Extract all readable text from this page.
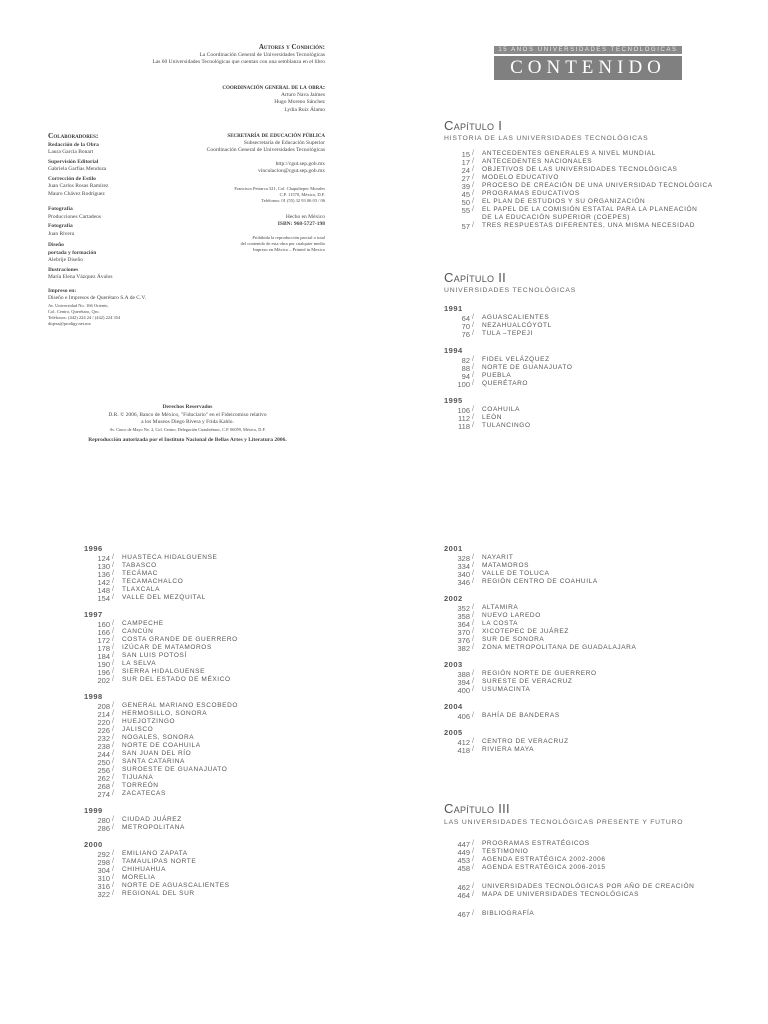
Autores y Condición:
La Coordinación General de Universidades Tecnológicas
Las 60 Universidades Tecnológicas que cuentan con una semblanza en el libro
coordinación general de la obra:
Arturo Nava Jaimes
Hugo Moreno Sánchez
Lydia Ruiz Álamo
Colaboradores:
Redacción de la Obra
Laura García Bonart
Supervisión Editorial
Gabriela Garfias Mendoza
Corrección de Estilo
Juan Carlos Rosas Ramírez
Mauro Chávez Rodríguez
Fotografía
Producciones Cartadeos
Fotografía
Juan Rivera
Diseño
portada y formación
Alebrije Diseño
Ilustraciones
María Elena Vázquez Ávalos
Impreso en:
Diseño e Impresos de Querétaro S.A de C.V.
Av. Universidad No. 166 Oriente,
Col. Centro, Querétaro, Qro.
Teléfonos: (442) 224 24 / (442) 224 354
diqesa@prodigy.net.mx
secretaría de educación pública
Subsecretaría de Educación Superior
Coordinación General de Universidades Tecnológicas
http://cgut.sep.gob.mx
vinculacion@cgut.sep.gob.mx
Francisco Petrarca 321, Col. Chapultepec Morales
C.P. 11570, México, D.F.
Teléfonos: 01 (55) 32 93 06 03 / 06
Hecho en México
ISBN: 968-5727-198
Prohibida la reproducción parcial o total
del contenido de esta obra por cualquier medio
Impreso en México – Printed in Mexico
Derechos Reservados
D.R. © 2006, Banco de México, "Fiduciario" en el Fideicomiso relativo
a los Museos Diego Rivera y Frida Kahlo.
Av. Cinco de Mayo No. 2, Col. Centro, Delegación Cuauhtémoc, C.P. 06059, México, D.F.
Reproducción autorizada por el Instituto Nacional de Bellas Artes y Literatura 2006.
15 AÑOS UNIVERSIDADES TECNOLÓGICAS
CONTENIDO
Capítulo I
HISTORIA DE LAS UNIVERSIDADES TECNOLÓGICAS
15 / ANTECEDENTES GENERALES A NIVEL MUNDIAL
17 / ANTECEDENTES NACIONALES
24 / OBJETIVOS DE LAS UNIVERSIDADES TECNOLÓGICAS
27 / MODELO EDUCATIVO
39 / PROCESO DE CREACIÓN DE UNA UNIVERSIDAD TECNOLÓGICA
45 / PROGRAMAS EDUCATIVOS
50 / EL PLAN DE ESTUDIOS Y SU ORGANIZACIÓN
55 / EL PAPEL DE LA COMISIÓN ESTATAL PARA LA PLANEACIÓN
DE LA EDUCACIÓN SUPERIOR (COEPES)
57 / TRES RESPUESTAS DIFERENTES, UNA MISMA NECESIDAD
Capítulo II
UNIVERSIDADES TECNOLÓGICAS
1991
64 / AGUASCALIENTES
70 / NEZAHUALCÓYOTL
76 / TULA –TEPEJI
1994
82 / FIDEL VELÁZQUEZ
88 / NORTE DE GUANAJUATO
94 / PUEBLA
100 / QUERÉTARO
1995
106 / COAHUILA
112 / LEÓN
118 / TULANCINGO
1996
124 / HUASTECA HIDALGUENSE
130 / TABASCO
136 / TECÁMAC
142 / TECAMACHALCO
148 / TLAXCALA
154 / VALLE DEL MEZQUITAL
1997
160 / CAMPECHE
166 / CANCÚN
172 / COSTA GRANDE DE GUERRERO
178 / IZÚCAR DE MATAMOROS
184 / SAN LUIS POTOSÍ
190 / LA SELVA
196 / SIERRA HIDALGUENSE
202 / SUR DEL ESTADO DE MÉXICO
1998
208 / GENERAL MARIANO ESCOBEDO
214 / HERMOSILLO, SONORA
220 / HUEJOTZINGO
226 / JALISCO
232 / NOGALES, SONORA
238 / NORTE DE COAHUILA
244 / SAN JUAN DEL RÍO
250 / SANTA CATARINA
256 / SUROESTE DE GUANAJUATO
262 / TIJUANA
268 / TORREÓN
274 / ZACATECAS
1999
280 / CIUDAD JUÁREZ
286 / METROPOLITANA
2000
292 / EMILIANO ZAPATA
298 / TAMAULIPAS NORTE
304 / CHIHUAHUA
310 / MORELIA
316 / NORTE DE AGUASCALIENTES
322 / REGIONAL DEL SUR
2001
328 / NAYARIT
334 / MATAMOROS
340 / VALLE DE TOLUCA
346 / REGIÓN CENTRO DE COAHUILA
2002
352 / ALTAMIRA
358 / NUEVO LAREDO
364 / LA COSTA
370 / XICOTEPEC DE JUÁREZ
376 / SUR DE SONORA
382 / ZONA METROPOLITANA DE GUADALAJARA
2003
388 / REGIÓN NORTE DE GUERRERO
394 / SURESTE DE VERACRUZ
400 / USUMACINTA
2004
406 / BAHÍA DE BANDERAS
2005
412 / CENTRO DE VERACRUZ
418 / RIVIERA MAYA
Capítulo III
LAS UNIVERSIDADES TECNOLÓGICAS PRESENTE Y FUTURO
447 / PROGRAMAS ESTRATÉGICOS
449 / TESTIMONIO
453 / AGENDA ESTRATÉGICA 2002-2006
458 / AGENDA ESTRATÉGICA 2006-2015
462 / UNIVERSIDADES TECNOLÓGICAS POR AÑO DE CREACIÓN
464 / MAPA DE UNIVERSIDADES TECNOLÓGICAS
467 / BIBLIOGRAFÍA
